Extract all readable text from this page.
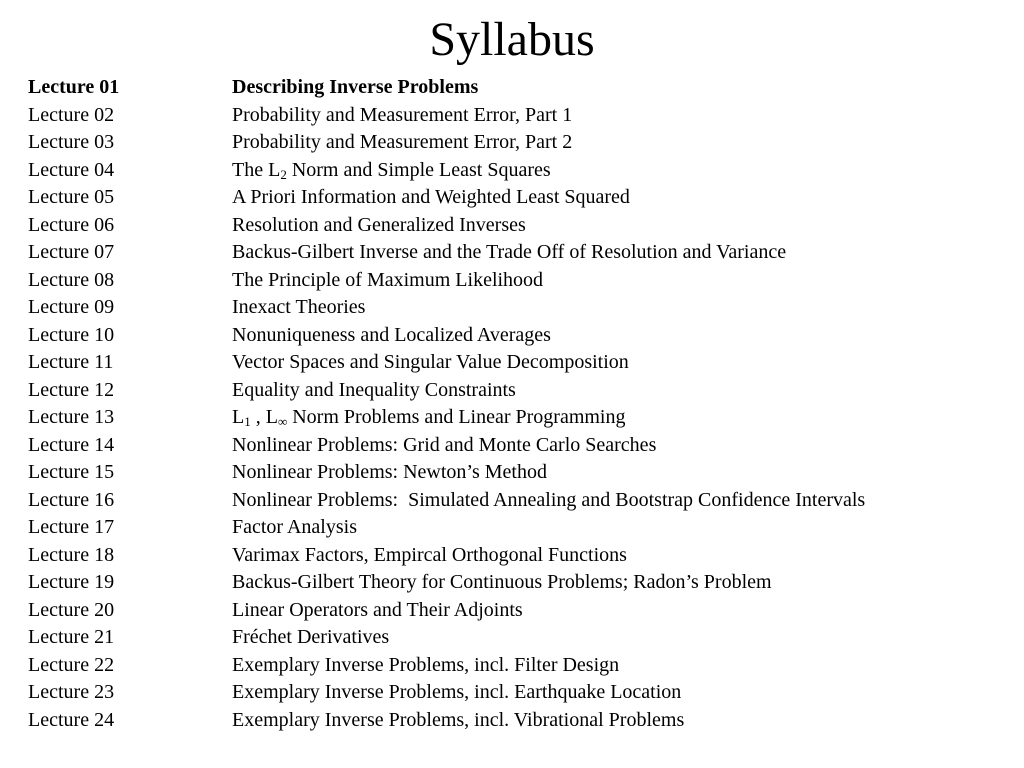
Syllabus
Lecture 01	Describing Inverse Problems
Lecture 02	Probability and Measurement Error, Part 1
Lecture 03	Probability and Measurement Error, Part 2
Lecture 04	The $L_2$ Norm and Simple Least Squares
Lecture 05	A Priori Information and Weighted Least Squared
Lecture 06	Resolution and Generalized Inverses
Lecture 07	Backus-Gilbert Inverse and the Trade Off of Resolution and Variance
Lecture 08	The Principle of Maximum Likelihood
Lecture 09	Inexact Theories
Lecture 10	Nonuniqueness and Localized Averages
Lecture 11	Vector Spaces and Singular Value Decomposition
Lecture 12	Equality and Inequality Constraints
Lecture 13	$L_1$ , $L_\infty$ Norm Problems and Linear Programming
Lecture 14	Nonlinear Problems: Grid and Monte Carlo Searches
Lecture 15	Nonlinear Problems: Newton’s Method
Lecture 16	Nonlinear Problems:  Simulated Annealing and Bootstrap Confidence Intervals
Lecture 17	Factor Analysis
Lecture 18	Varimax Factors, Empircal Orthogonal Functions
Lecture 19	Backus-Gilbert Theory for Continuous Problems; Radon’s Problem
Lecture 20	Linear Operators and Their Adjoints
Lecture 21	Fréchet Derivatives
Lecture 22	Exemplary Inverse Problems, incl. Filter Design
Lecture 23	Exemplary Inverse Problems, incl. Earthquake Location
Lecture 24	Exemplary Inverse Problems, incl. Vibrational Problems
